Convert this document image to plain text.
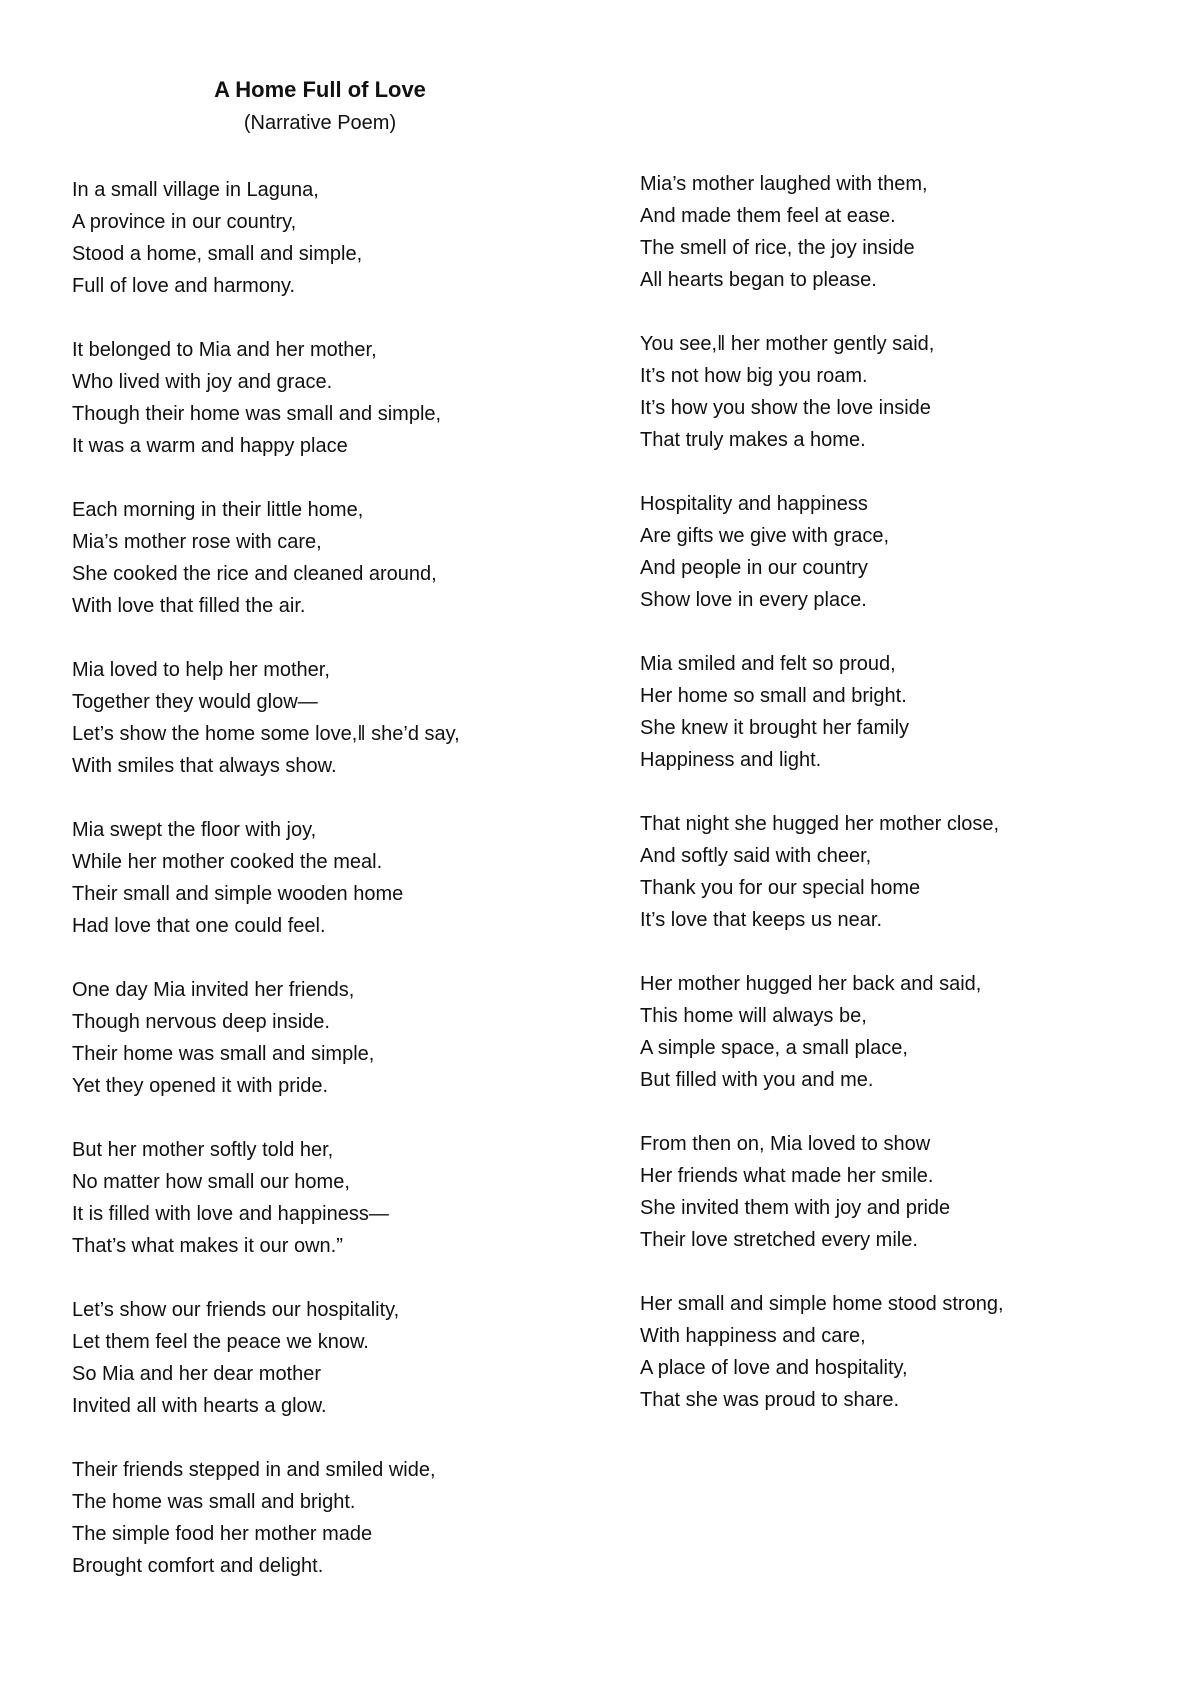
A Home Full of Love

(Narrative Poem)

In a small village in Laguna,
A province in our country,
Stood a home, small and simple,
Full of love and harmony.
It belonged to Mia and her mother,
Who lived with joy and grace.
Though their home was small and simple,
It was a warm and happy place
Each morning in their little home,
Mia’s mother rose with care,
She cooked the rice and cleaned around,
With love that filled the air.
Mia loved to help her mother,
Together they would glow—
Let’s show the home some love,‖ she’d say,
With smiles that always show.
Mia swept the floor with joy,
While her mother cooked the meal.
Their small and simple wooden home
Had love that one could feel.
One day Mia invited her friends,
Though nervous deep inside.
Their home was small and simple,
Yet they opened it with pride.
But her mother softly told her,
No matter how small our home,
It is filled with love and happiness—
That’s what makes it our own.”
Let’s show our friends our hospitality,
Let them feel the peace we know.
So Mia and her dear mother
Invited all with hearts a glow.
Their friends stepped in and smiled wide,
The home was small and bright.
The simple food her mother made
Brought comfort and delight.
Mia’s mother laughed with them,
And made them feel at ease.
The smell of rice, the joy inside
All hearts began to please.
You see,‖ her mother gently said,
It’s not how big you roam.
It’s how you show the love inside
That truly makes a home.
Hospitality and happiness
Are gifts we give with grace,
And people in our country
Show love in every place.
Mia smiled and felt so proud,
Her home so small and bright.
She knew it brought her family
Happiness and light.
That night she hugged her mother close,
And softly said with cheer,
Thank you for our special home
It’s love that keeps us near.
Her mother hugged her back and said,
This home will always be,
A simple space, a small place,
But filled with you and me.
From then on, Mia loved to show
Her friends what made her smile.
She invited them with joy and pride
Their love stretched every mile.
Her small and simple home stood strong,
With happiness and care,
A place of love and hospitality,
That she was proud to share.
